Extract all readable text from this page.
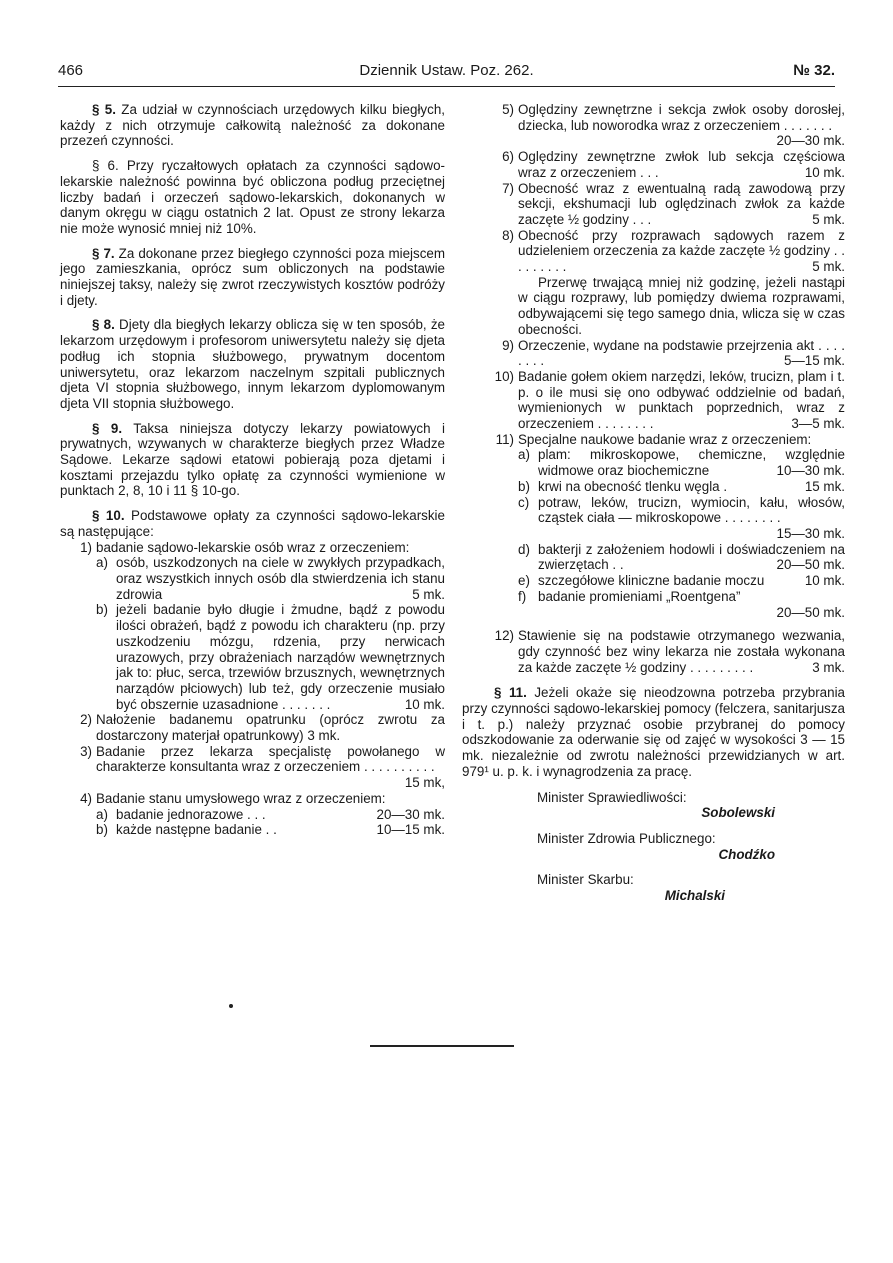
466	Dziennik Ustaw. Poz. 262.	№ 32.

§ 5. Za udział w czynnościach urzędowych kilku biegłych, każdy z nich otrzymuje całkowitą należność za dokonane przezeń czynności.

§ 6. Przy ryczałtowych opłatach za czynności sądowo-lekarskie należność powinna być obliczona podług przeciętnej liczby badań i orzeczeń sądowo-lekarskich, dokonanych w danym okręgu w ciągu ostatnich 2 lat. Opust ze strony lekarza nie może wynosić mniej niż 10%.

§ 7. Za dokonane przez biegłego czynności poza miejscem jego zamieszkania, oprócz sum obliczonych na podstawie niniejszej taksy, należy się zwrot rzeczywistych kosztów podróży i djety.

§ 8. Djety dla biegłych lekarzy oblicza się w ten sposób, że lekarzom urzędowym i profesorom uniwersytetu należy się djeta podług ich stopnia służbowego, prywatnym docentom uniwersytetu, oraz lekarzom naczelnym szpitali publicznych djeta VI stopnia służbowego, innym lekarzom dyplomowanym djeta VII stopnia służbowego.

§ 9. Taksa niniejsza dotyczy lekarzy powiatowych i prywatnych, wzywanych w charakterze biegłych przez Władze Sądowe. Lekarze sądowi etatowi pobierają poza djetami i kosztami przejazdu tylko opłatę za czynności wymienione w punktach 2, 8, 10 i 11 § 10-go.

§ 10. Podstawowe opłaty za czynności sądowo-lekarskie są następujące:

1) badanie sądowo-lekarskie osób wraz z orzeczeniem:

a) osób, uszkodzonych na ciele w zwykłych przypadkach, oraz wszystkich innych osób dla stwierdzenia ich stanu zdrowia	5 mk.

b) jeżeli badanie było długie i żmudne, bądź z powodu ilości obrażeń, bądź z powodu ich charakteru (np. przy uszkodzeniu mózgu, rdzenia, przy nerwicach urazowych, przy obrażeniach narządów wewnętrznych jak to: płuc, serca, trzewiów brzusznych, wewnętrznych narządów płciowych) lub też, gdy orzeczenie musiało być obszernie uzasadnione . . . . . . .	10 mk.

2) Nałożenie badanemu opatrunku (oprócz zwrotu za dostarczony materjał opatrunkowy) 3 mk.

3) Badanie przez lekarza specjalistę powołanego w charakterze konsultanta wraz z orzeczeniem . . . . . . . . . .
15 mk,

4) Badanie stanu umysłowego wraz z orzeczeniem:

a) badanie jednorazowe . . .	20—30 mk.
b) każde następne badanie . .	10—15 mk.
5) Oględziny zewnętrzne i sekcja zwłok osoby dorosłej, dziecka, lub noworodka wraz z orzeczeniem . . . . . . .
20—30 mk.

6) Oględziny zewnętrzne zwłok lub sekcja częściowa wraz z orzeczeniem . . .	10 mk.

7) Obecność wraz z ewentualną radą zawodową przy sekcji, ekshumacji lub oględzinach zwłok za każde zaczęte ½ godziny . . .	5 mk.

8) Obecność przy rozprawach sądowych razem z udzieleniem orzeczenia za każde zaczęte ½ godziny . . . . . . . . .	5 mk.

Przerwę trwającą mniej niż godzinę, jeżeli nastąpi w ciągu rozprawy, lub pomiędzy dwiema rozprawami, odbywającemi się tego samego dnia, wlicza się w czas obecności.

9) Orzeczenie, wydane na podstawie przejrzenia akt . . . . . . . .	5—15 mk.

10) Badanie gołem okiem narzędzi, leków, trucizn, plam i t. p. o ile musi się ono odbywać oddzielnie od badań, wymienionych w punktach poprzednich, wraz z orzeczeniem . . . . . . . .	3—5 mk.

11) Specjalne naukowe badanie wraz z orzeczeniem:

a) plam: mikroskopowe, chemiczne, względnie widmowe oraz biochemiczne	10—30 mk.

b) krwi na obecność tlenku węgla .	15 mk.

c) potraw, leków, trucizn, wymiocin, kału, włosów, cząstek ciała — mikroskopowe . . . . . . . .
15—30 mk.

d) bakterji z założeniem hodowli i doświadczeniem na zwierzętach . .	20—50 mk.

e) szczegółowe kliniczne badanie moczu	10 mk.

f) badanie promieniami „Roentgena”

20—50 mk.

12) Stawienie się na podstawie otrzymanego wezwania, gdy czynność bez winy lekarza nie została wykonana za każde zaczęte ½ godziny . . . . . . . . .	3 mk.

§ 11. Jeżeli okaże się nieodzowna potrzeba przybrania przy czynności sądowo-lekarskiej pomocy (felczera, sanitarjusza i t. p.) należy przyznać osobie przybranej do pomocy odszkodowanie za oderwanie się od zajęć w wysokości 3 — 15 mk. niezależnie od zwrotu należności przewidzianych w art. 979¹ u. p. k. i wynagrodzenia za pracę.

Minister Sprawiedliwości:
Sobolewski
Minister Zdrowia Publicznego:
Chodźko
Minister Skarbu:
Michalski
